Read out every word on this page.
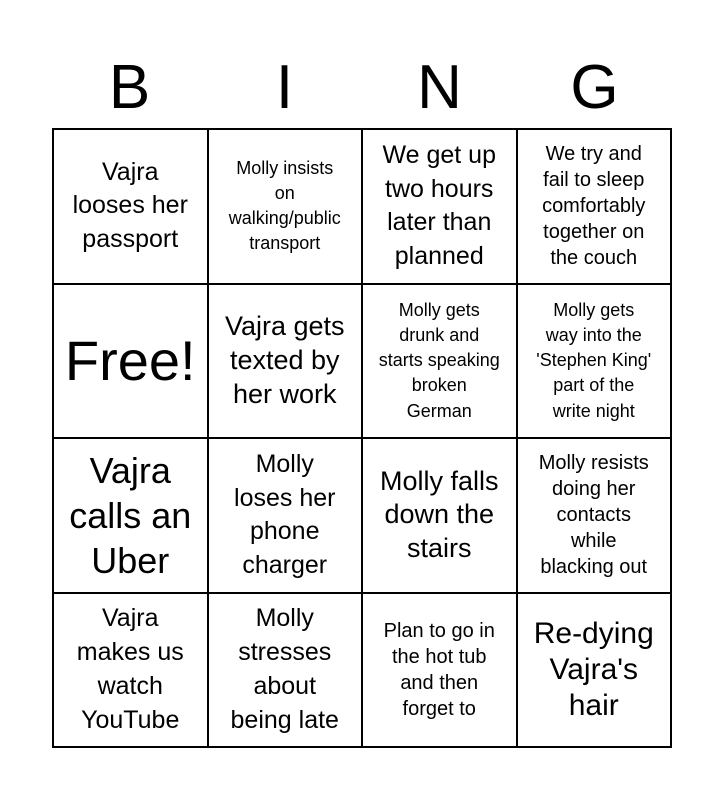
B	I	N	G
Vajra
looses her
passport
Molly insists
on
walking/public
transport
We get up
two hours
later than
planned
We try and
fail to sleep
comfortably
together on
the couch
Free!
Vajra gets
texted by
her work
Molly gets
drunk and
starts speaking
broken
German
Molly gets
way into the
'Stephen King'
part of the
write night
Vajra
calls an
Uber
Molly
loses her
phone
charger
Molly falls
down the
stairs
Molly resists
doing her
contacts
while
blacking out
Vajra
makes us
watch
YouTube
Molly
stresses
about
being late
Plan to go in
the hot tub
and then
forget to
Re-dying
Vajra's
hair
